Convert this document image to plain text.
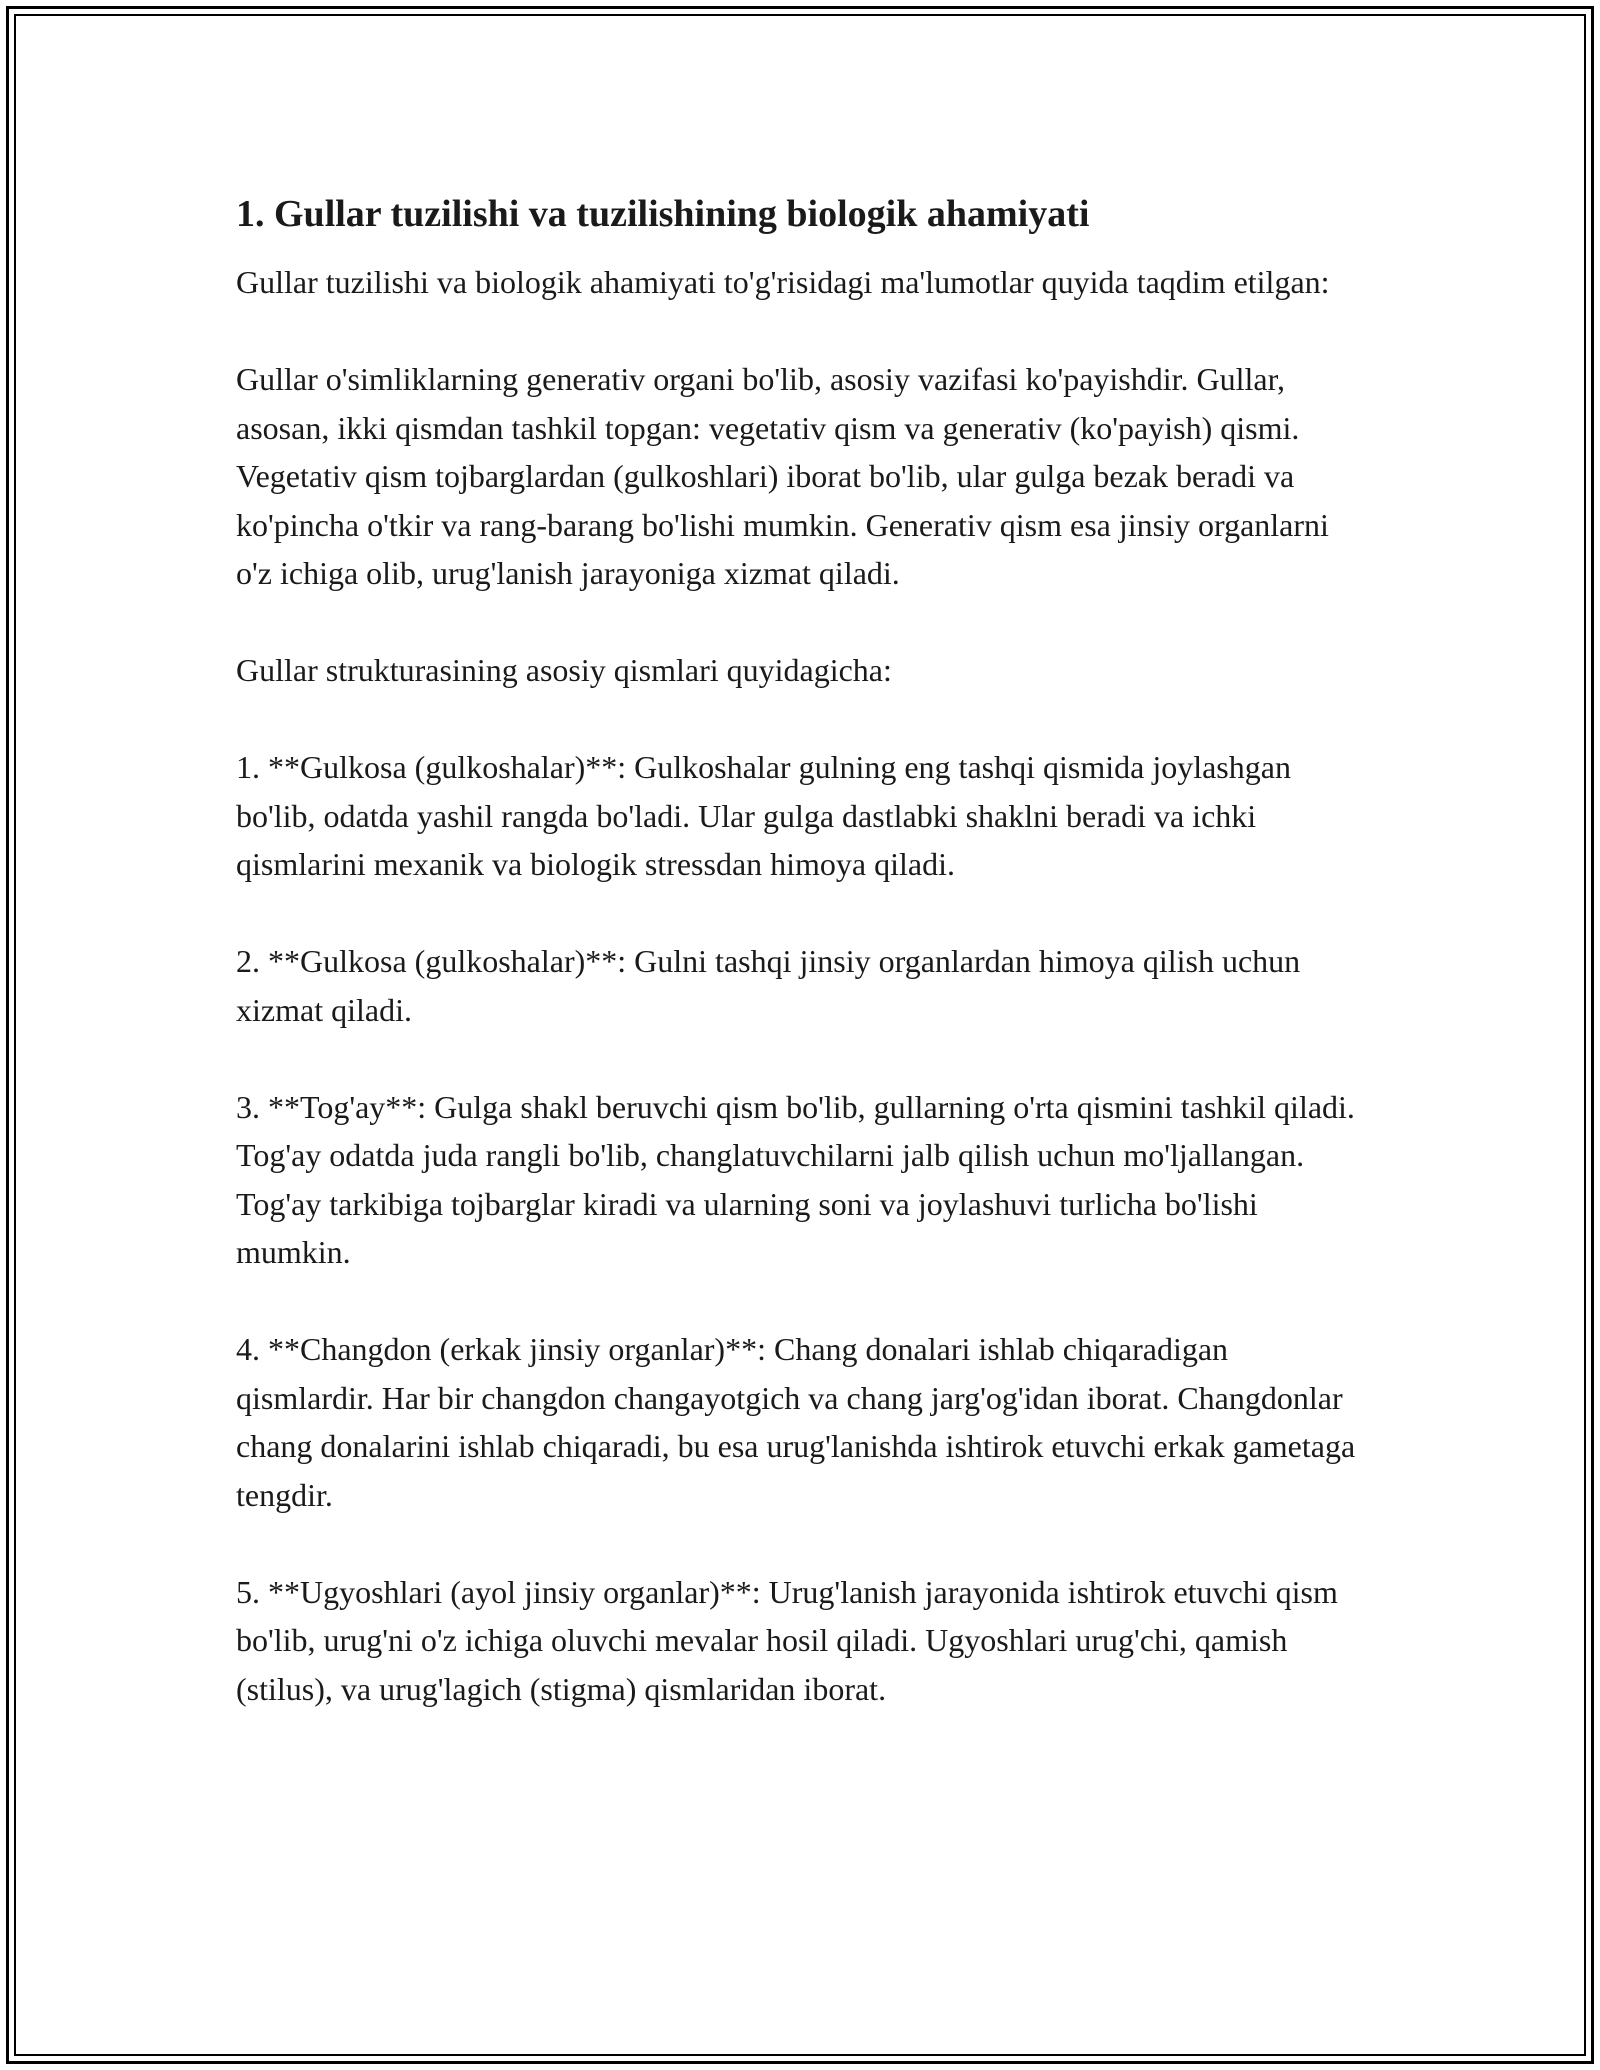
1. Gullar tuzilishi va tuzilishining biologik ahamiyati

Gullar tuzilishi va biologik ahamiyati to'g'risidagi ma'lumotlar quyida taqdim etilgan:

Gullar o'simliklarning generativ organi bo'lib, asosiy vazifasi ko'payishdir. Gullar, asosan, ikki qismdan tashkil topgan: vegetativ qism va generativ (ko'payish) qismi. Vegetativ qism tojbarglardan (gulkoshlari) iborat bo'lib, ular gulga bezak beradi va ko'pincha o'tkir va rang-barang bo'lishi mumkin. Generativ qism esa jinsiy organlarni o'z ichiga olib, urug'lanish jarayoniga xizmat qiladi.

Gullar strukturasining asosiy qismlari quyidagicha:

1. **Gulkosa (gulkoshalar)**: Gulkoshalar gulning eng tashqi qismida joylashgan bo'lib, odatda yashil rangda bo'ladi. Ular gulga dastlabki shaklni beradi va ichki qismlarini mexanik va biologik stressdan himoya qiladi.

2. **Gulkosa (gulkoshalar)**: Gulni tashqi jinsiy organlardan himoya qilish uchun xizmat qiladi.

3. **Tog'ay**: Gulga shakl beruvchi qism bo'lib, gullarning o'rta qismini tashkil qiladi. Tog'ay odatda juda rangli bo'lib, changlatuvchilarni jalb qilish uchun mo'ljallangan. Tog'ay tarkibiga tojbarglar kiradi va ularning soni va joylashuvi turlicha bo'lishi mumkin.

4. **Changdon (erkak jinsiy organlar)**: Chang donalari ishlab chiqaradigan qismlardir. Har bir changdon changayotgich va chang jarg'og'idan iborat. Changdonlar chang donalarini ishlab chiqaradi, bu esa urug'lanishda ishtirok etuvchi erkak gametaga tengdir.

5. **Ugyoshlari (ayol jinsiy organlar)**: Urug'lanish jarayonida ishtirok etuvchi qism bo'lib, urug'ni o'z ichiga oluvchi mevalar hosil qiladi. Ugyoshlari urug'chi, qamish (stilus), va urug'lagich (stigma) qismlaridan iborat.
